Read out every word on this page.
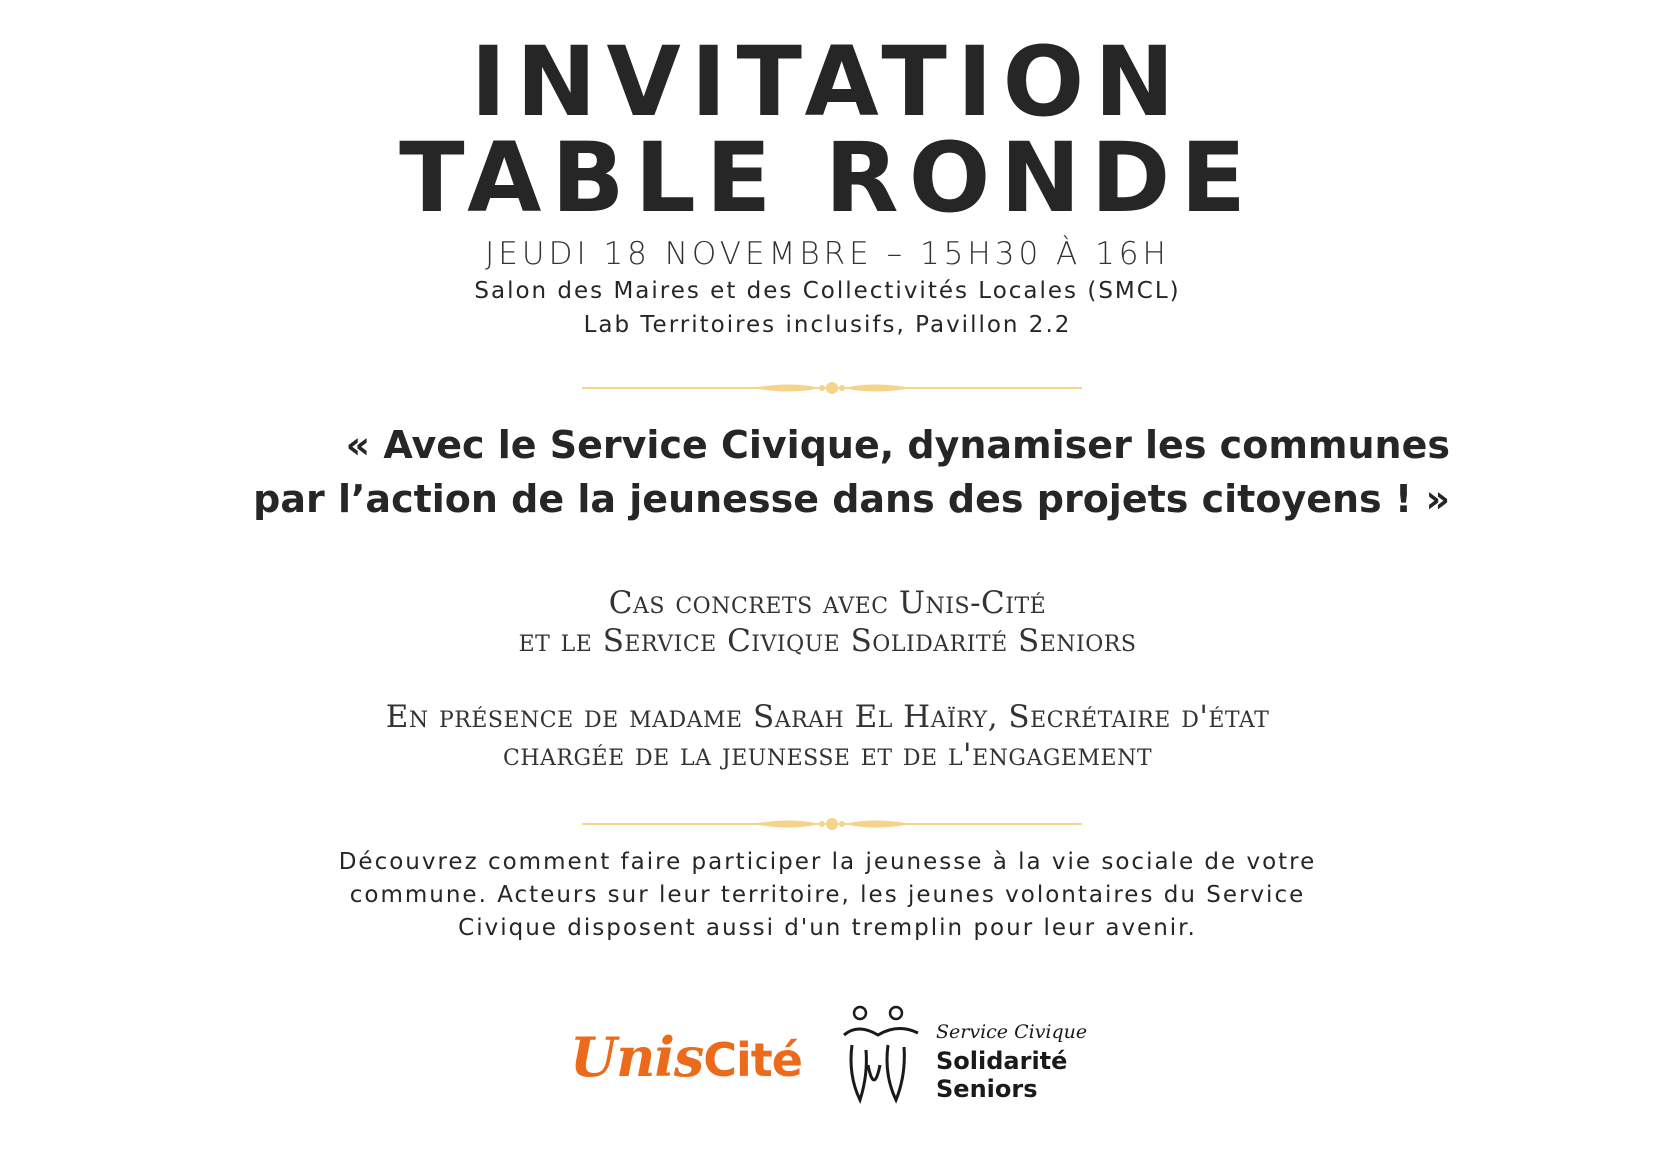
INVITATION
TABLE RONDE
JEUDI 18 NOVEMBRE – 15H30 À 16H
Salon des Maires et des Collectivités Locales (SMCL)
Lab Territoires inclusifs, Pavillon 2.2
« Avec le Service Civique, dynamiser les communes
par l’action de la jeunesse dans des projets citoyens ! »
Cas concrets avec Unis-Cité
et le Service Civique Solidarité Seniors
En présence de madame Sarah El Haïry, Secrétaire d'état
chargée de la jeunesse et de l'engagement
Découvrez comment faire participer la jeunesse à la vie sociale de votre
commune. Acteurs sur leur territoire, les jeunes volontaires du Service
Civique disposent aussi d'un tremplin pour leur avenir.
UnisCité
Service Civique
Solidarité
Seniors
